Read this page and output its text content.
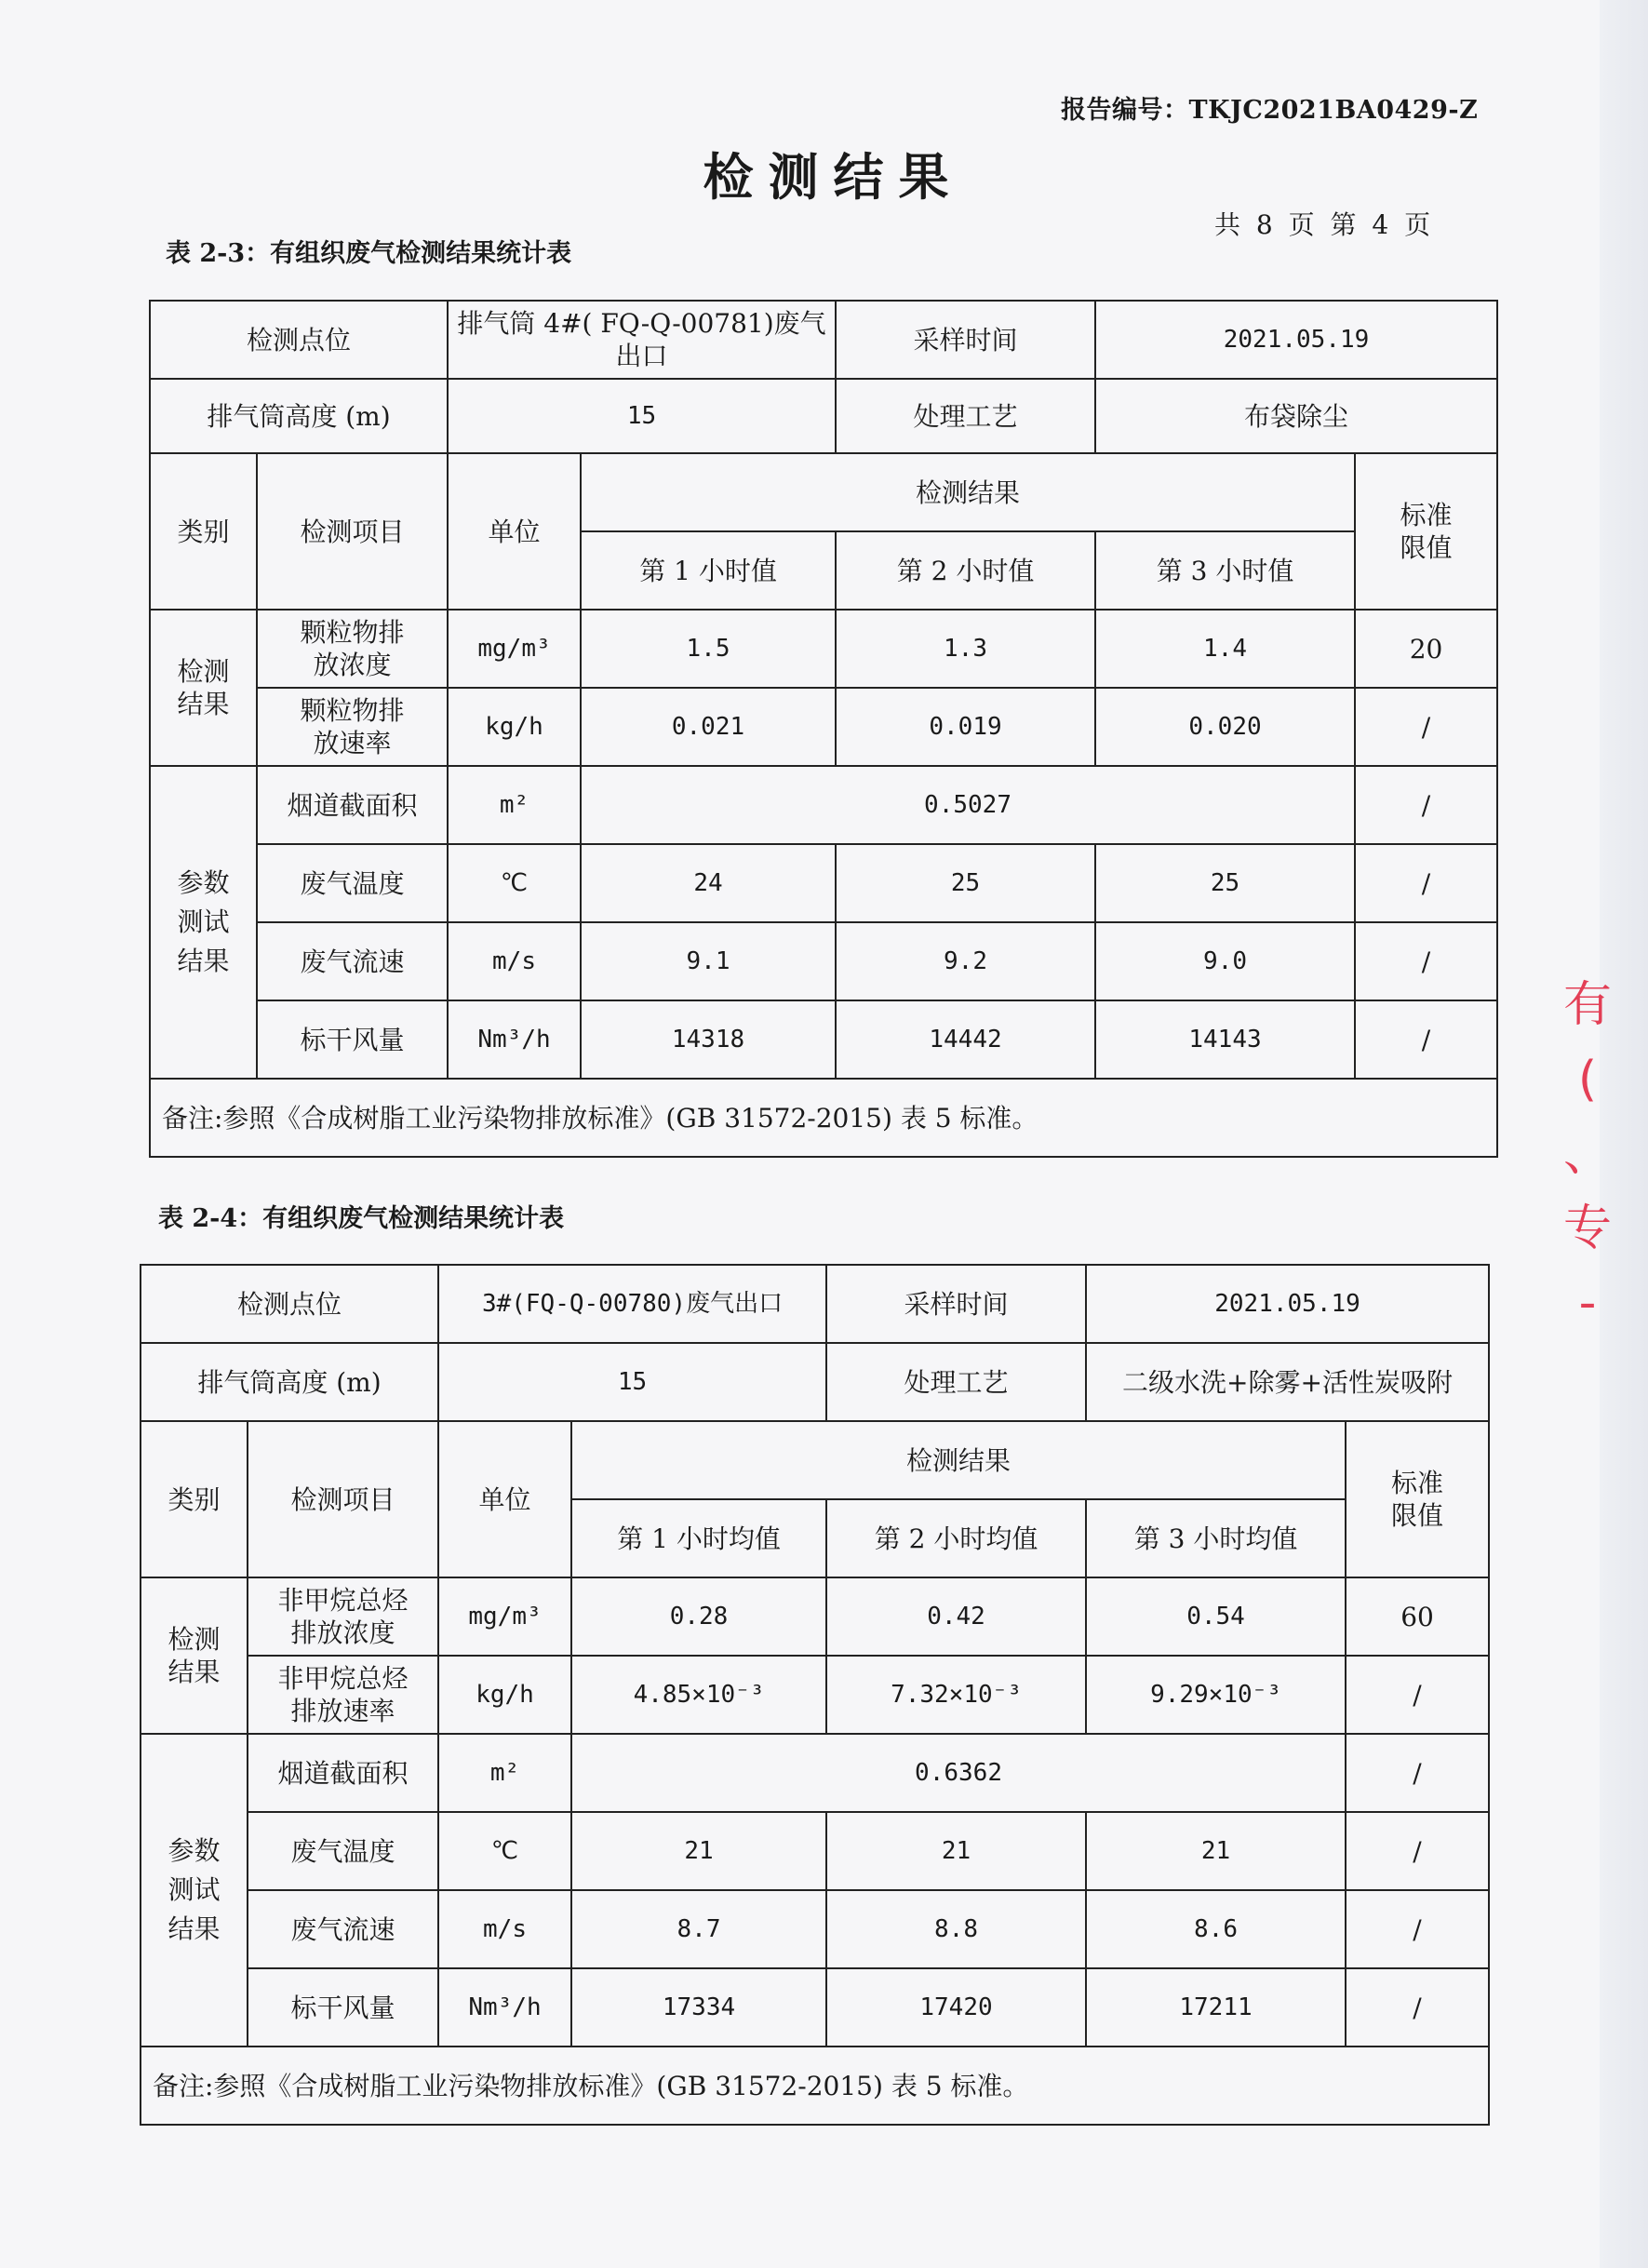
报告编号：TKJC2021BA0429-Z
检测结果
共 8 页 第 4 页
表 2-3：有组织废气检测结果统计表
检测点位		排气筒 4#( FQ-Q-00781)废气出口		采样时间	2021.05.19	
排气筒高度 (m)		15		处理工艺	布袋除尘	
类别	检测项目	单位	检测结果			标准限值

			第 1 小时值	第 2 小时值	第 3 小时值	

检测结果	颗粒物排放浓度	mg/m³	1.5	1.3	1.4	20

	颗粒物排放速率	kg/h	0.021	0.019	0.020	/

参数测试结果	烟道截面积	m²	0.5027			/
	废气温度	℃	24	25	25	/
	废气流速	m/s	9.1	9.2	9.0	/
	标干风量	Nm³/h	14318	14442	14143	/
备注:参照《合成树脂工业污染物排放标准》(GB 31572-2015) 表 5 标准。						
表 2-4：有组织废气检测结果统计表
检测点位		3#(FQ-Q-00780)废气出口		采样时间	2021.05.19	
排气筒高度 (m)		15		处理工艺	二级水洗+除雾+活性炭吸附	
类别	检测项目	单位	检测结果			标准限值

			第 1 小时均值	第 2 小时均值	第 3 小时均值	

检测结果	非甲烷总烃排放浓度	mg/m³	0.28	0.42	0.54	60

	非甲烷总烃排放速率	kg/h	4.85×10⁻³	7.32×10⁻³	9.29×10⁻³	/

参数测试结果	烟道截面积	m²	0.6362			/
	废气温度	℃	21	21	21	/
	废气流速	m/s	8.7	8.8	8.6	/
	标干风量	Nm³/h	17334	17420	17211	/
备注:参照《合成树脂工业污染物排放标准》(GB 31572-2015) 表 5 标准。						
有
(
、
专
-
